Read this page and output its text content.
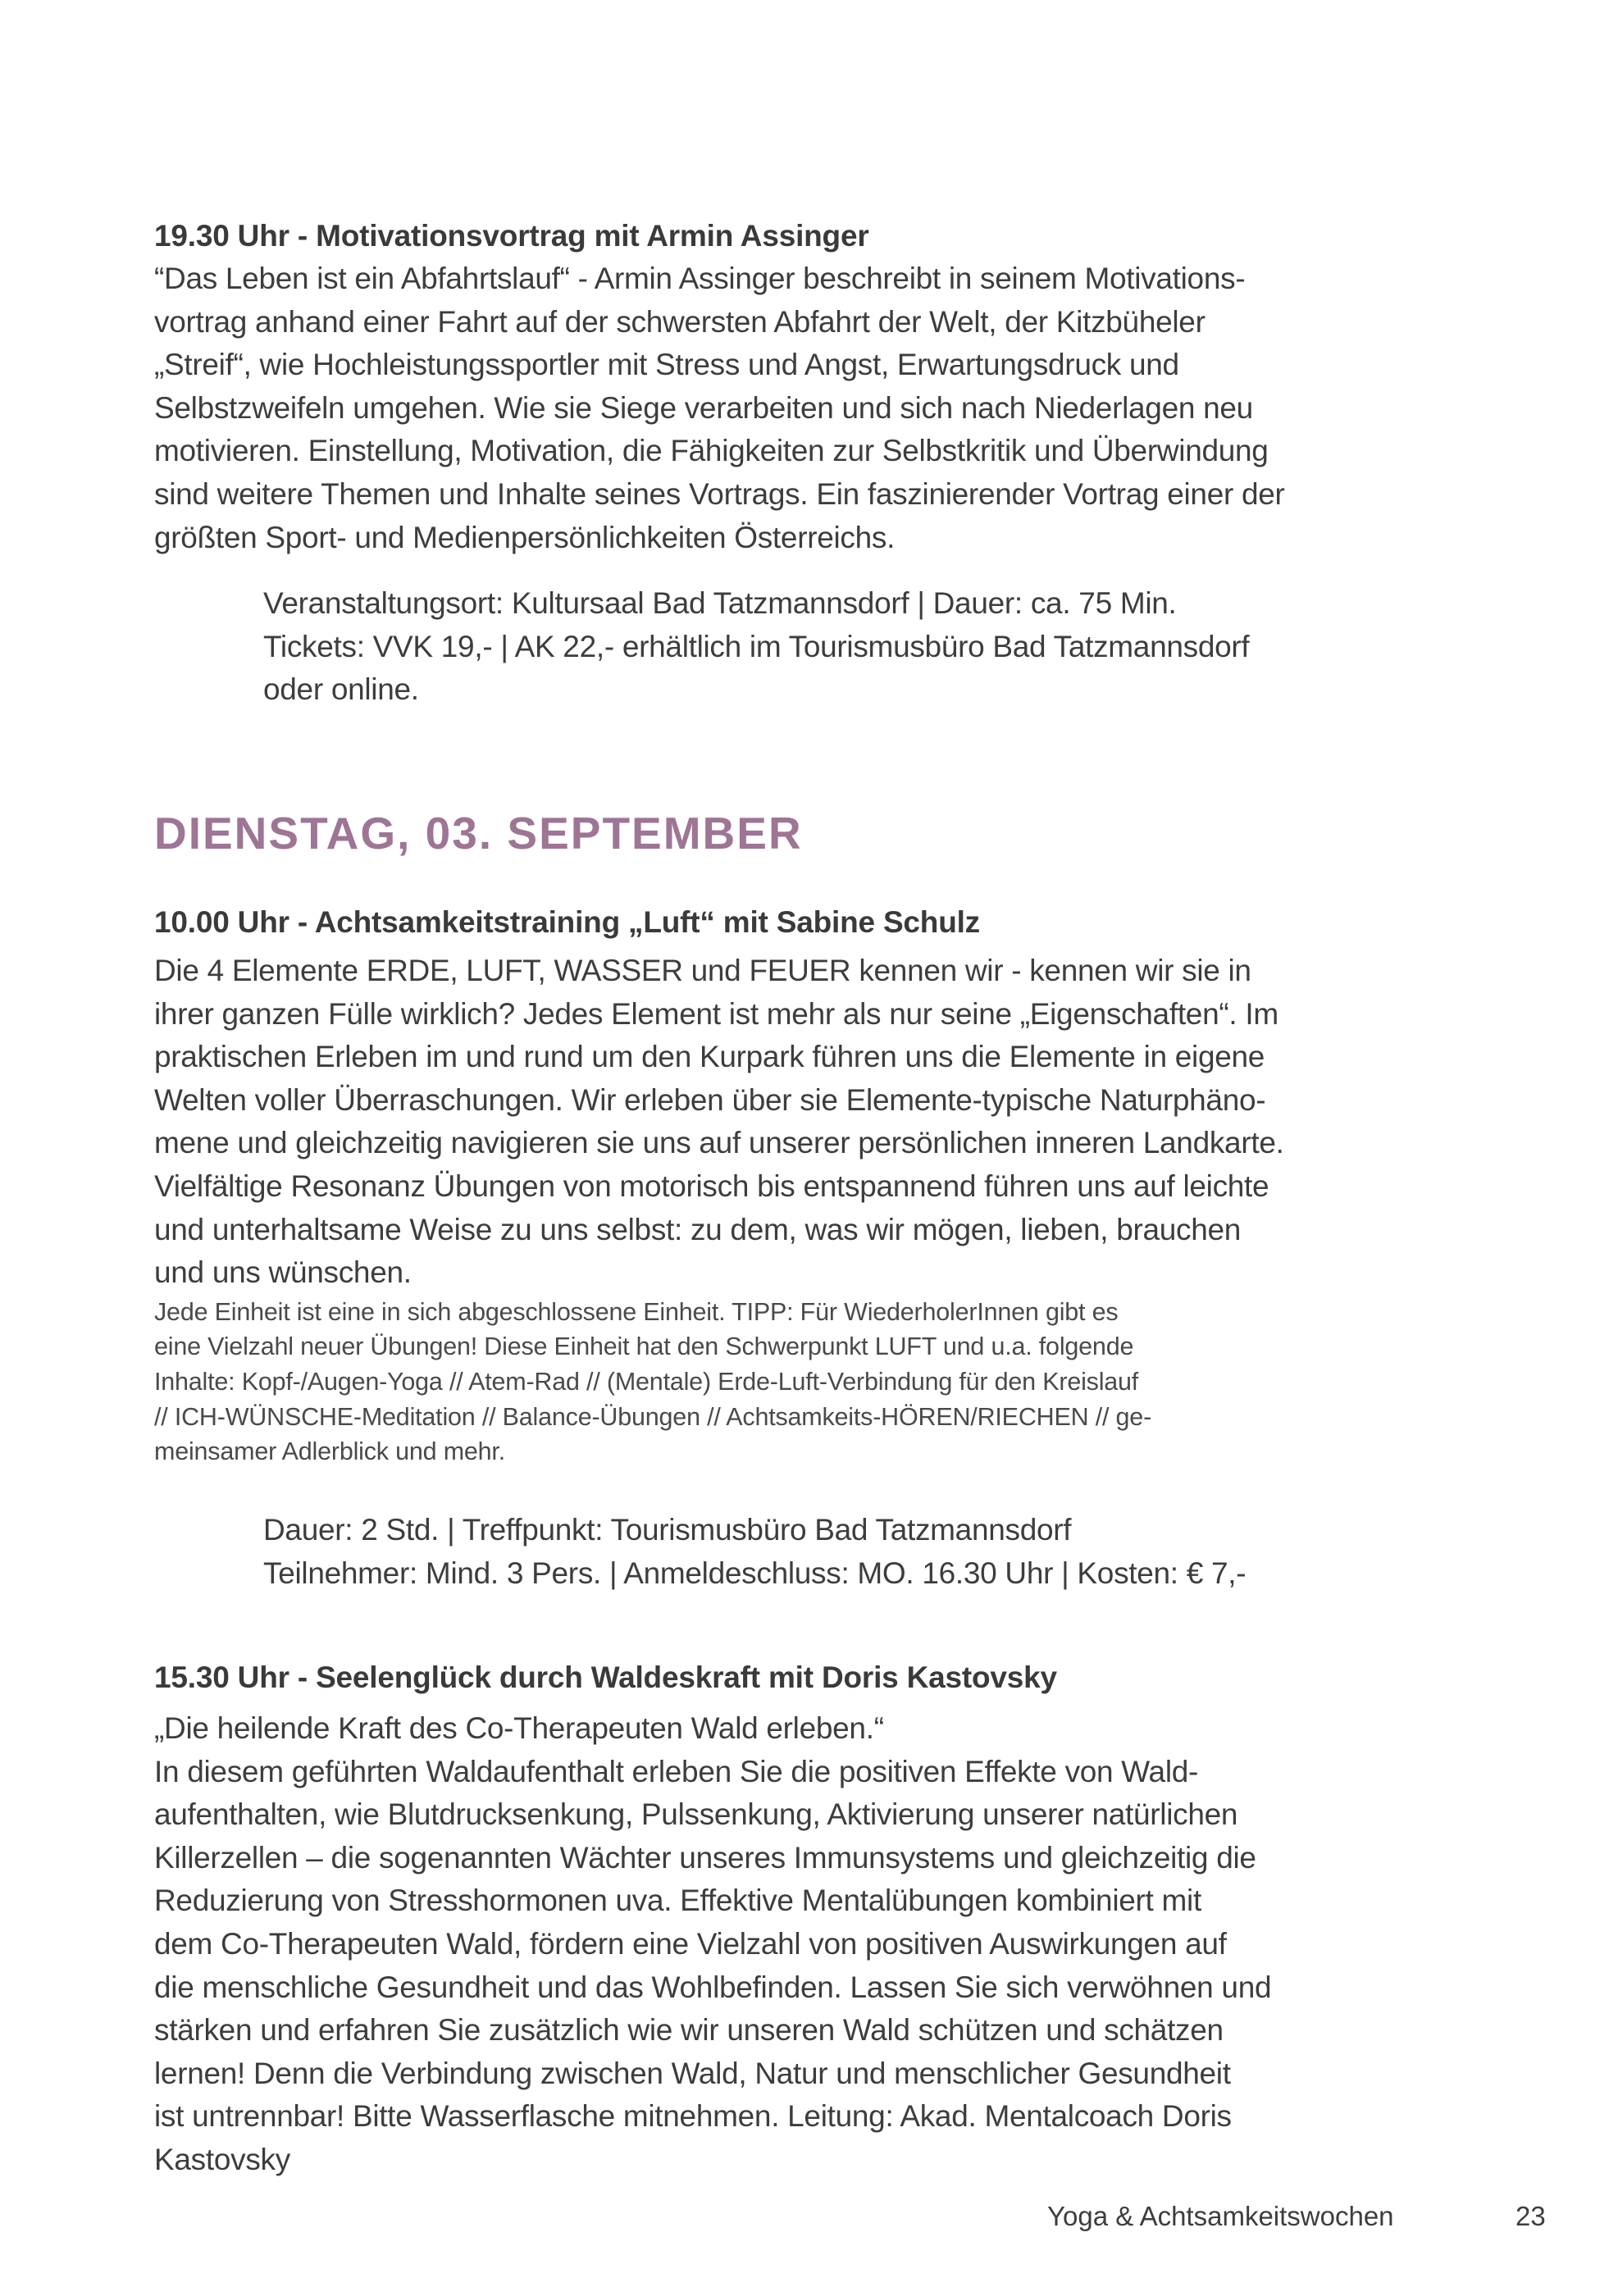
19.30 Uhr - Motivationsvortrag mit Armin Assinger

“Das Leben ist ein Abfahrtslauf“ - Armin Assinger beschreibt in seinem Motivations-
vortrag anhand einer Fahrt auf der schwersten Abfahrt der Welt, der Kitzbüheler
„Streif“, wie Hochleistungssportler mit Stress und Angst, Erwartungsdruck und
Selbstzweifeln umgehen. Wie sie Siege verarbeiten und sich nach Niederlagen neu
motivieren. Einstellung, Motivation, die Fähigkeiten zur Selbstkritik und Überwindung
sind weitere Themen und Inhalte seines Vortrags. Ein faszinierender Vortrag einer der
größten Sport- und Medienpersönlichkeiten Österreichs.

Veranstaltungsort: Kultursaal Bad Tatzmannsdorf | Dauer: ca. 75 Min.
Tickets: VVK 19,- | AK 22,- erhältlich im Tourismusbüro Bad Tatzmannsdorf
oder online.
DIENSTAG, 03. SEPTEMBER
10.00 Uhr - Achtsamkeitstraining „Luft“ mit Sabine Schulz

Die 4 Elemente ERDE, LUFT, WASSER und FEUER kennen wir - kennen wir sie in
ihrer ganzen Fülle wirklich? Jedes Element ist mehr als nur seine „Eigenschaften“. Im
praktischen Erleben im und rund um den Kurpark führen uns die Elemente in eigene
Welten voller Überraschungen. Wir erleben über sie Elemente-typische Naturphäno-
mene und gleichzeitig navigieren sie uns auf unserer persönlichen inneren Landkarte.
Vielfältige Resonanz Übungen von motorisch bis entspannend führen uns auf leichte
und unterhaltsame Weise zu uns selbst: zu dem, was wir mögen, lieben, brauchen
und uns wünschen.

Jede Einheit ist eine in sich abgeschlossene Einheit. TIPP: Für WiederholerInnen gibt es
eine Vielzahl neuer Übungen! Diese Einheit hat den Schwerpunkt LUFT und u.a. folgende
Inhalte: Kopf-/Augen-Yoga // Atem-Rad // (Mentale) Erde-Luft-Verbindung für den Kreislauf
// ICH-WÜNSCHE-Meditation // Balance-Übungen // Achtsamkeits-HÖREN/RIECHEN // ge-
meinsamer Adlerblick und mehr.

Dauer: 2 Std. | Treffpunkt: Tourismusbüro Bad Tatzmannsdorf
Teilnehmer: Mind. 3 Pers. | Anmeldeschluss: MO. 16.30 Uhr | Kosten: € 7,-
15.30 Uhr - Seelenglück durch Waldeskraft mit Doris Kastovsky

„Die heilende Kraft des Co-Therapeuten Wald erleben.“
In diesem geführten Waldaufenthalt erleben Sie die positiven Effekte von Wald-
aufenthalten, wie Blutdrucksenkung, Pulssenkung, Aktivierung unserer natürlichen
Killerzellen – die sogenannten Wächter unseres Immunsystems und gleichzeitig die
Reduzierung von Stresshormonen uva. Effektive Mentalübungen kombiniert mit
dem Co-Therapeuten Wald, fördern eine Vielzahl von positiven Auswirkungen auf
die menschliche Gesundheit und das Wohlbefinden. Lassen Sie sich verwöhnen und
stärken und erfahren Sie zusätzlich wie wir unseren Wald schützen und schätzen
lernen! Denn die Verbindung zwischen Wald, Natur und menschlicher Gesundheit
ist untrennbar! Bitte Wasserflasche mitnehmen. Leitung: Akad. Mentalcoach Doris
Kastovsky

Yoga & Achtsamkeitswochen	23
